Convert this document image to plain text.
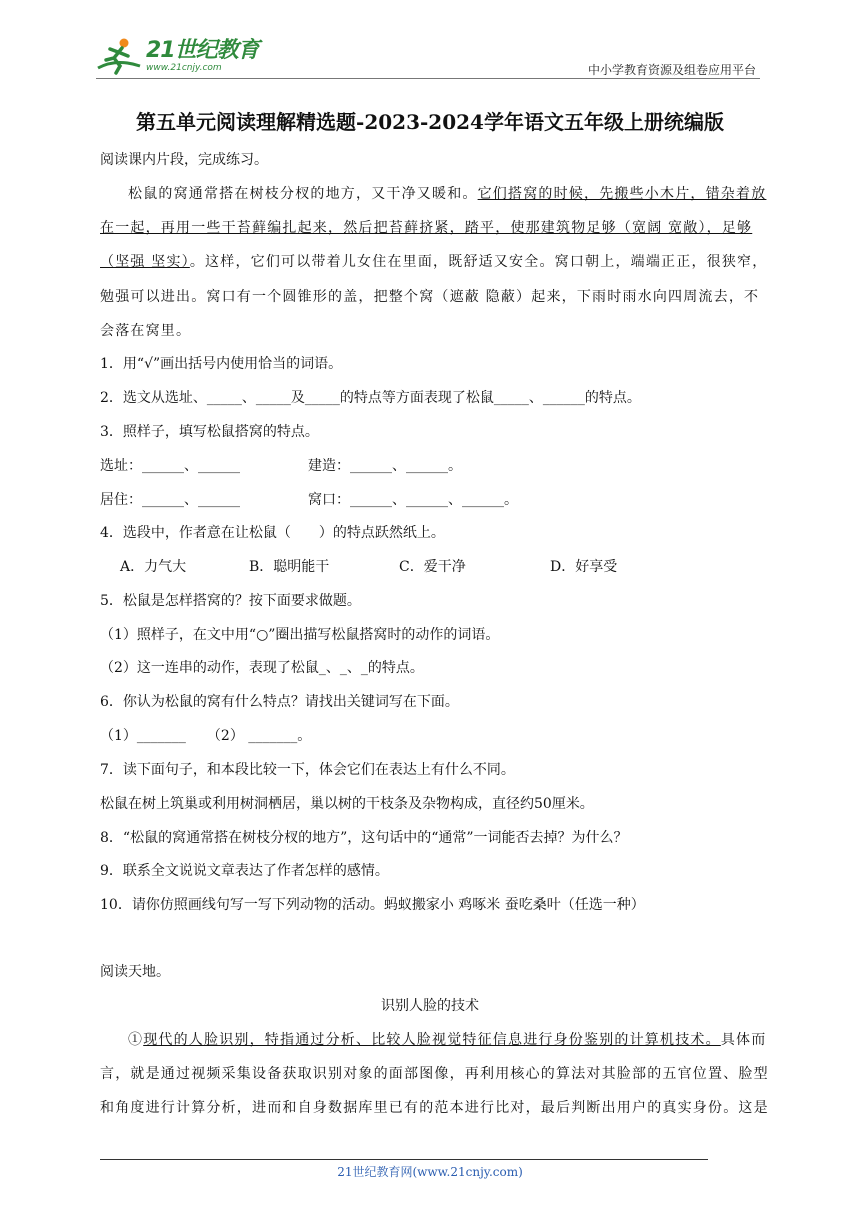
21世纪教育
www.21cnjy.com	中小学教育资源及组卷应用平台
第五单元阅读理解精选题-2023-2024学年语文五年级上册统编版
阅读课内片段，完成练习。
松鼠的窝通常搭在树枝分杈的地方，又干净又暖和。它们搭窝的时候，先搬些小木片，错杂着放
在一起，再用一些干苔藓编扎起来，然后把苔藓挤紧，踏平，使那建筑物足够（宽阔 宽敞），足够
（坚强 坚实）。这样，它们可以带着儿女住在里面，既舒适又安全。窝口朝上，端端正正，很狭窄，
勉强可以进出。窝口有一个圆锥形的盖，把整个窝（遮蔽 隐蔽）起来，下雨时雨水向四周流去，不
会落在窝里。
1．用“√”画出括号内使用恰当的词语。
2．选文从选址、_____、_____及_____的特点等方面表现了松鼠_____、______的特点。
3．照样子，填写松鼠搭窝的特点。
选址：______、______	建造：______、______。
居住：______、______	窝口：______、______、______。
4．选段中，作者意在让松鼠（　　）的特点跃然纸上。
A．力气大	B．聪明能干	C．爱干净	D．好享受
5．松鼠是怎样搭窝的？按下面要求做题。
（1）照样子，在文中用“○”圈出描写松鼠搭窝时的动作的词语。
（2）这一连串的动作，表现了松鼠_、_、_的特点。
6．你认为松鼠的窝有什么特点？请找出关键词写在下面。
（1）_______　　（2） _______。
7．读下面句子，和本段比较一下，体会它们在表达上有什么不同。
松鼠在树上筑巢或利用树洞栖居，巢以树的干枝条及杂物构成，直径约50厘米。
8．“松鼠的窝通常搭在树枝分杈的地方”，这句话中的“通常”一词能否去掉？为什么？
9．联系全文说说文章表达了作者怎样的感情。
10．请你仿照画线句写一写下列动物的活动。蚂蚁搬家小 鸡啄米 蚕吃桑叶（任选一种）
阅读天地。
识别人脸的技术
①现代的人脸识别，特指通过分析、比较人脸视觉特征信息进行身份鉴别的计算机技术。具体而
言，就是通过视频采集设备获取识别对象的面部图像，再利用核心的算法对其脸部的五官位置、脸型
和角度进行计算分析，进而和自身数据库里已有的范本进行比对，最后判断出用户的真实身份。这是
21世纪教育网(www.21cnjy.com)
